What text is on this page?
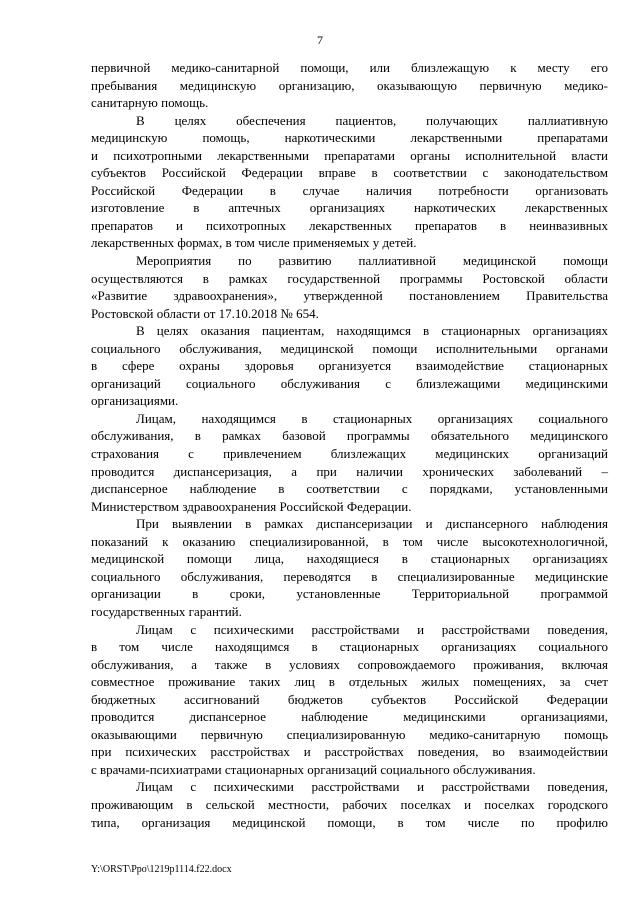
7
первичной медико-санитарной помощи, или близлежащую к месту его
пребывания медицинскую организацию, оказывающую первичную медико-
санитарную помощь.
В целях обеспечения пациентов, получающих паллиативную
медицинскую помощь, наркотическими лекарственными препаратами
и психотропными лекарственными препаратами органы исполнительной власти
субъектов Российской Федерации вправе в соответствии с законодательством
Российской Федерации в случае наличия потребности организовать
изготовление в аптечных организациях наркотических лекарственных
препаратов и психотропных лекарственных препаратов в неинвазивных
лекарственных формах, в том числе применяемых у детей.
Мероприятия по развитию паллиативной медицинской помощи
осуществляются в рамках государственной программы Ростовской области
«Развитие здравоохранения», утвержденной постановлением Правительства
Ростовской области от 17.10.2018 № 654.
В целях оказания пациентам, находящимся в стационарных организациях
социального обслуживания, медицинской помощи исполнительными органами
в сфере охраны здоровья организуется взаимодействие стационарных
организаций социального обслуживания с близлежащими медицинскими
организациями.
Лицам, находящимся в стационарных организациях социального
обслуживания, в рамках базовой программы обязательного медицинского
страхования с привлечением близлежащих медицинских организаций
проводится диспансеризация, а при наличии хронических заболеваний –
диспансерное наблюдение в соответствии с порядками, установленными
Министерством здравоохранения Российской Федерации.
При выявлении в рамках диспансеризации и диспансерного наблюдения
показаний к оказанию специализированной, в том числе высокотехнологичной,
медицинской помощи лица, находящиеся в стационарных организациях
социального обслуживания, переводятся в специализированные медицинские
организации в сроки, установленные Территориальной программой
государственных гарантий.
Лицам с психическими расстройствами и расстройствами поведения,
в том числе находящимся в стационарных организациях социального
обслуживания, а также в условиях сопровождаемого проживания, включая
совместное проживание таких лиц в отдельных жилых помещениях, за счет
бюджетных ассигнований бюджетов субъектов Российской Федерации
проводится диспансерное наблюдение медицинскими организациями,
оказывающими первичную специализированную медико-санитарную помощь
при психических расстройствах и расстройствах поведения, во взаимодействии
с врачами-психиатрами стационарных организаций социального обслуживания.
Лицам с психическими расстройствами и расстройствами поведения,
проживающим в сельской местности, рабочих поселках и поселках городского
типа, организация медицинской помощи, в том числе по профилю
Y:\ORST\Ppo\1219p1114.f22.docx
